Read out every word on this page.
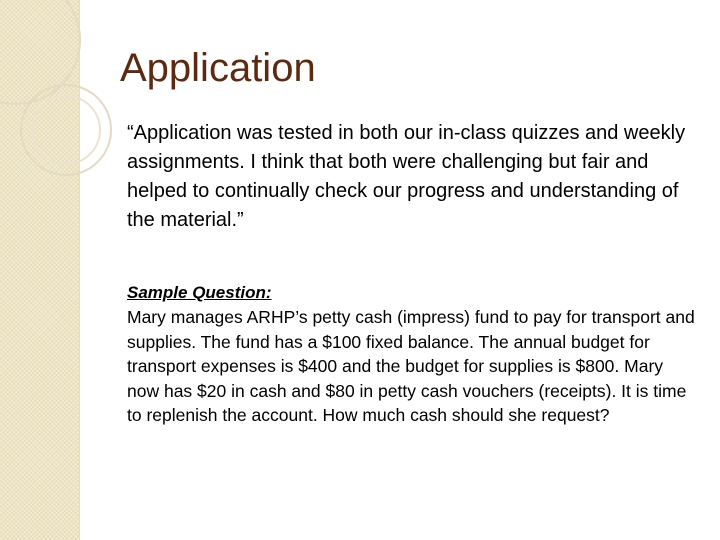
Application

“Application was tested in both our in-class quizzes and weekly assignments. I think that both were challenging but fair and helped to continually check our progress and understanding of the material.”

Sample Question:

Mary manages ARHP’s petty cash (impress) fund to pay for transport and supplies. The fund has a $100 fixed balance. The annual budget for transport expenses is $400 and the budget for supplies is $800. Mary now has $20 in cash and $80 in petty cash vouchers (receipts). It is time to replenish the account. How much cash should she request?
